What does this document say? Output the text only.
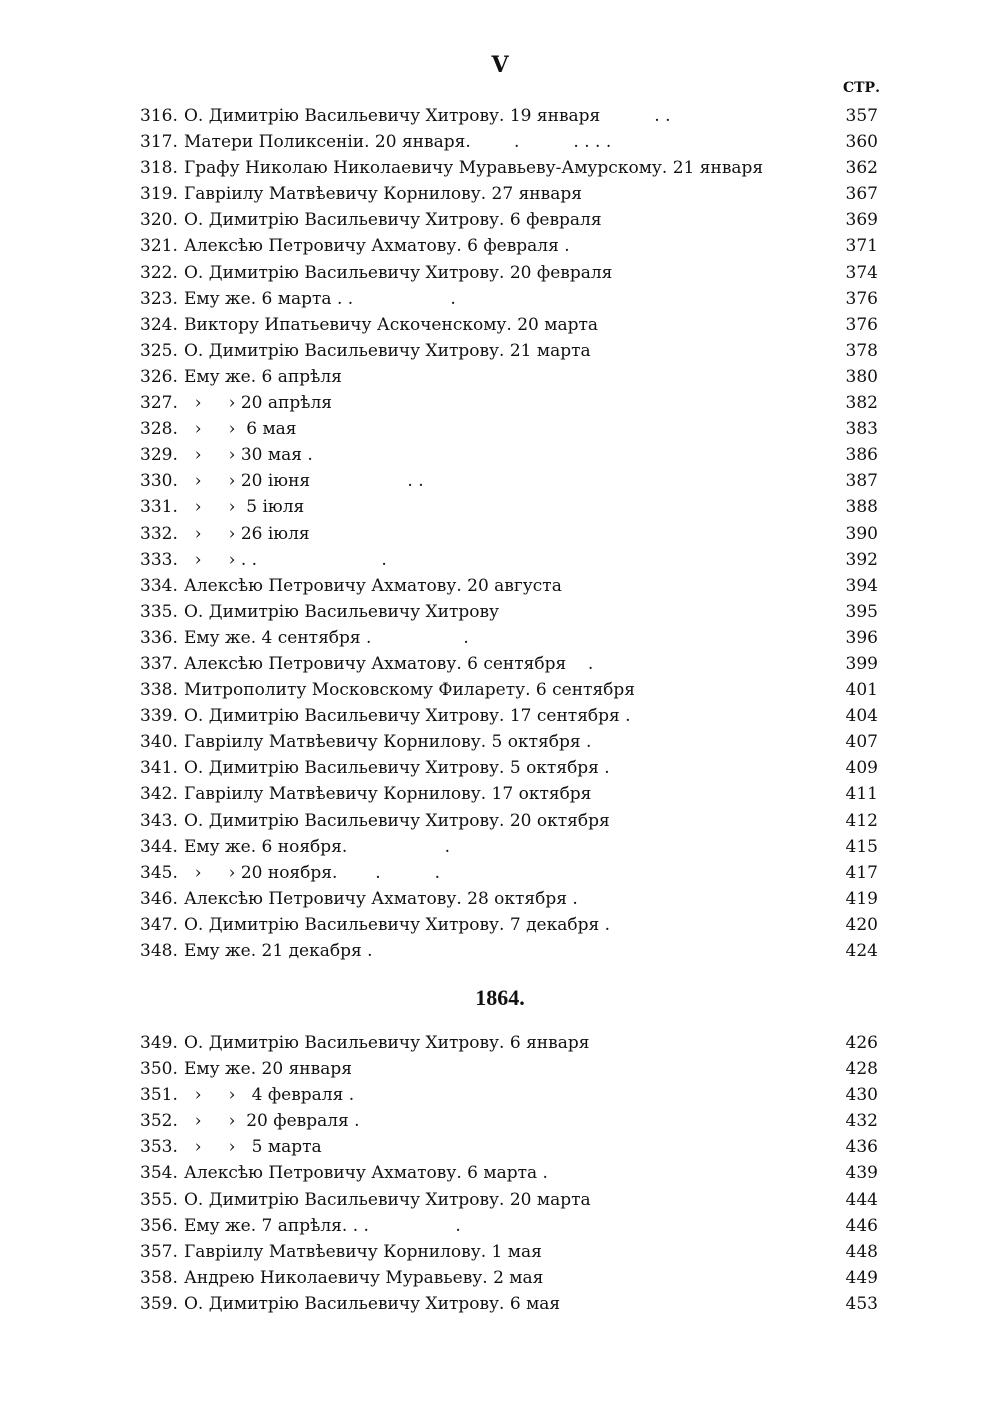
V
СТР.
316. О. Димитрію Васильевичу Хитрову. 19 января          . .	357
317. Матери Поликсеніи. 20 января.        .          . . . .	360
318. Графу Николаю Николаевичу Муравьеву-Амурскому. 21 января	362
319. Гавріилу Матвѣевичу Корнилову. 27 января	367
320. О. Димитрію Васильевичу Хитрову. 6 февраля	369
321. Алексѣю Петровичу Ахматову. 6 февраля .	371
322. О. Димитрію Васильевичу Хитрову. 20 февраля	374
323. Ему же. 6 марта . .                  .	376
324. Виктору Ипатьевичу Аскоченскому. 20 марта	376
325. О. Димитрію Васильевичу Хитрову. 21 марта	378
326. Ему же. 6 апрѣля	380
327.  ›     › 20 апрѣля	382
328.  ›     ›  6 мая	383
329.  ›     › 30 мая .	386
330.  ›     › 20 іюня                  . .	387
331.  ›     ›  5 іюля	388
332.  ›     › 26 іюля	390
333.  ›     › . .                       .	392
334. Алексѣю Петровичу Ахматову. 20 августа	394
335. О. Димитрію Васильевичу Хитрову	395
336. Ему же. 4 сентября .                 .	396
337. Алексѣю Петровичу Ахматову. 6 сентября    .	399
338. Митрополиту Московскому Филарету. 6 сентября	401
339. О. Димитрію Васильевичу Хитрову. 17 сентября .	404
340. Гавріилу Матвѣевичу Корнилову. 5 октября .	407
341. О. Димитрію Васильевичу Хитрову. 5 октября .	409
342. Гавріилу Матвѣевичу Корнилову. 17 октября	411
343. О. Димитрію Васильевичу Хитрову. 20 октября	412
344. Ему же. 6 ноября.                  .	415
345.  ›     › 20 ноября.       .          .	417
346. Алексѣю Петровичу Ахматову. 28 октября .	419
347. О. Димитрію Васильевичу Хитрову. 7 декабря .	420
348. Ему же. 21 декабря .	424
1864.
349. О. Димитрію Васильевичу Хитрову. 6 января	426
350. Ему же. 20 января	428
351.  ›     ›   4 февраля .	430
352.  ›     ›  20 февраля .	432
353.  ›     ›   5 марта	436
354. Алексѣю Петровичу Ахматову. 6 марта .	439
355. О. Димитрію Васильевичу Хитрову. 20 марта	444
356. Ему же. 7 апрѣля. . .                .	446
357. Гавріилу Матвѣевичу Корнилову. 1 мая	448
358. Андрею Николаевичу Муравьеву. 2 мая	449
359. О. Димитрію Васильевичу Хитрову. 6 мая	453
